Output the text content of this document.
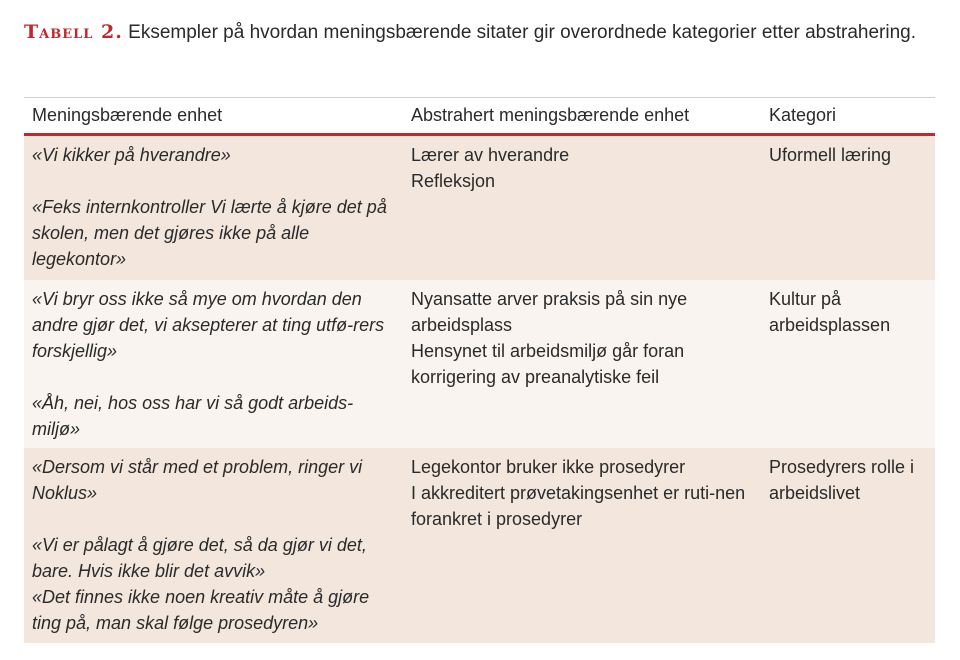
Tabell 2. Eksempler på hvordan meningsbærende sitater gir overordnede kategorier etter abstrahering.
Meningsbærende enhet	Abstrahert meningsbærende enhet	Kategori
«Vi kikker på hverandre»
«Feks internkontroller Vi lærte å kjøre det på skolen, men det gjøres ikke på alle legekontor»
Lærer av hverandre
Refleksjon
Uformell læring
«Vi bryr oss ikke så mye om hvordan den andre gjør det, vi aksepterer at ting utfø-rers forskjellig»
«Åh, nei, hos oss har vi så godt arbeids-miljø»
Nyansatte arver praksis på sin nye arbeidsplass
Hensynet til arbeidsmiljø går foran korrigering av preanalytiske feil
Kultur på arbeidsplassen
«Dersom vi står med et problem, ringer vi Noklus»
«Vi er pålagt å gjøre det, så da gjør vi det, bare. Hvis ikke blir det avvik»
«Det finnes ikke noen kreativ måte å gjøre ting på, man skal følge prosedyren»
Legekontor bruker ikke prosedyrer
I akkreditert prøvetakingsenhet er ruti-nen forankret i prosedyrer
Prosedyrers rolle i arbeidslivet
